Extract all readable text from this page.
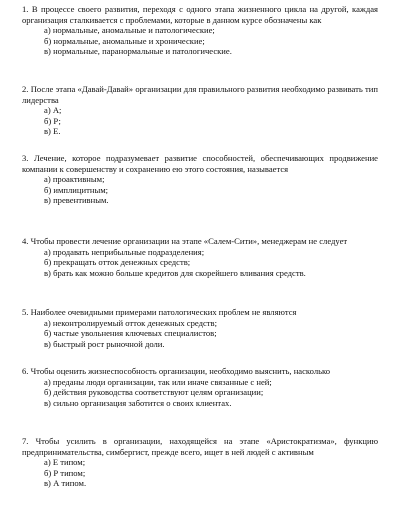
1. В процессе своего развития, переходя с одного этапа жизненного цикла на другой, каждая организация сталкивается с проблемами, которые в данном курсе обозначены как
а) нормальные, аномальные и патологические;
б) нормальные, аномальные и хронические;
в) нормальные, паранормальные и патологические.
2. После этапа «Давай-Давай» организации для правильного развития необходимо развивать тип лидерства
а) А;
б) Р;
в) Е.
3. Лечение, которое подразумевает развитие способностей, обеспечивающих продвижение компании к совершенству и сохранению ею этого состояния, называется
а) проактивным;
б) имплицитным;
в) превентивным.
4. Чтобы провести лечение организации на этапе «Салем-Сити», менеджерам не следует
а) продавать неприбыльные подразделения;
б) прекращать отток денежных средств;
в) брать как можно больше кредитов для скорейшего вливания средств.
5. Наиболее очевидными примерами патологических проблем не являются
а) неконтролируемый отток денежных средств;
б) частые увольнения ключевых специалистов;
в) быстрый рост рыночной доли.
6. Чтобы оценить жизнеспособность организации, необходимо выяснить, насколько
а) преданы люди организации, так или иначе связанные с ней;
б) действия руководства соответствуют целям организации;
в) сильно организация заботится о своих клиентах.
7. Чтобы усилить в организации, находящейся на этапе «Аристократизма», функцию предпринимательства, симбергист, прежде всего, ищет в ней людей с активным
а) Е типом;
б) Р типом;
в) А типом.
